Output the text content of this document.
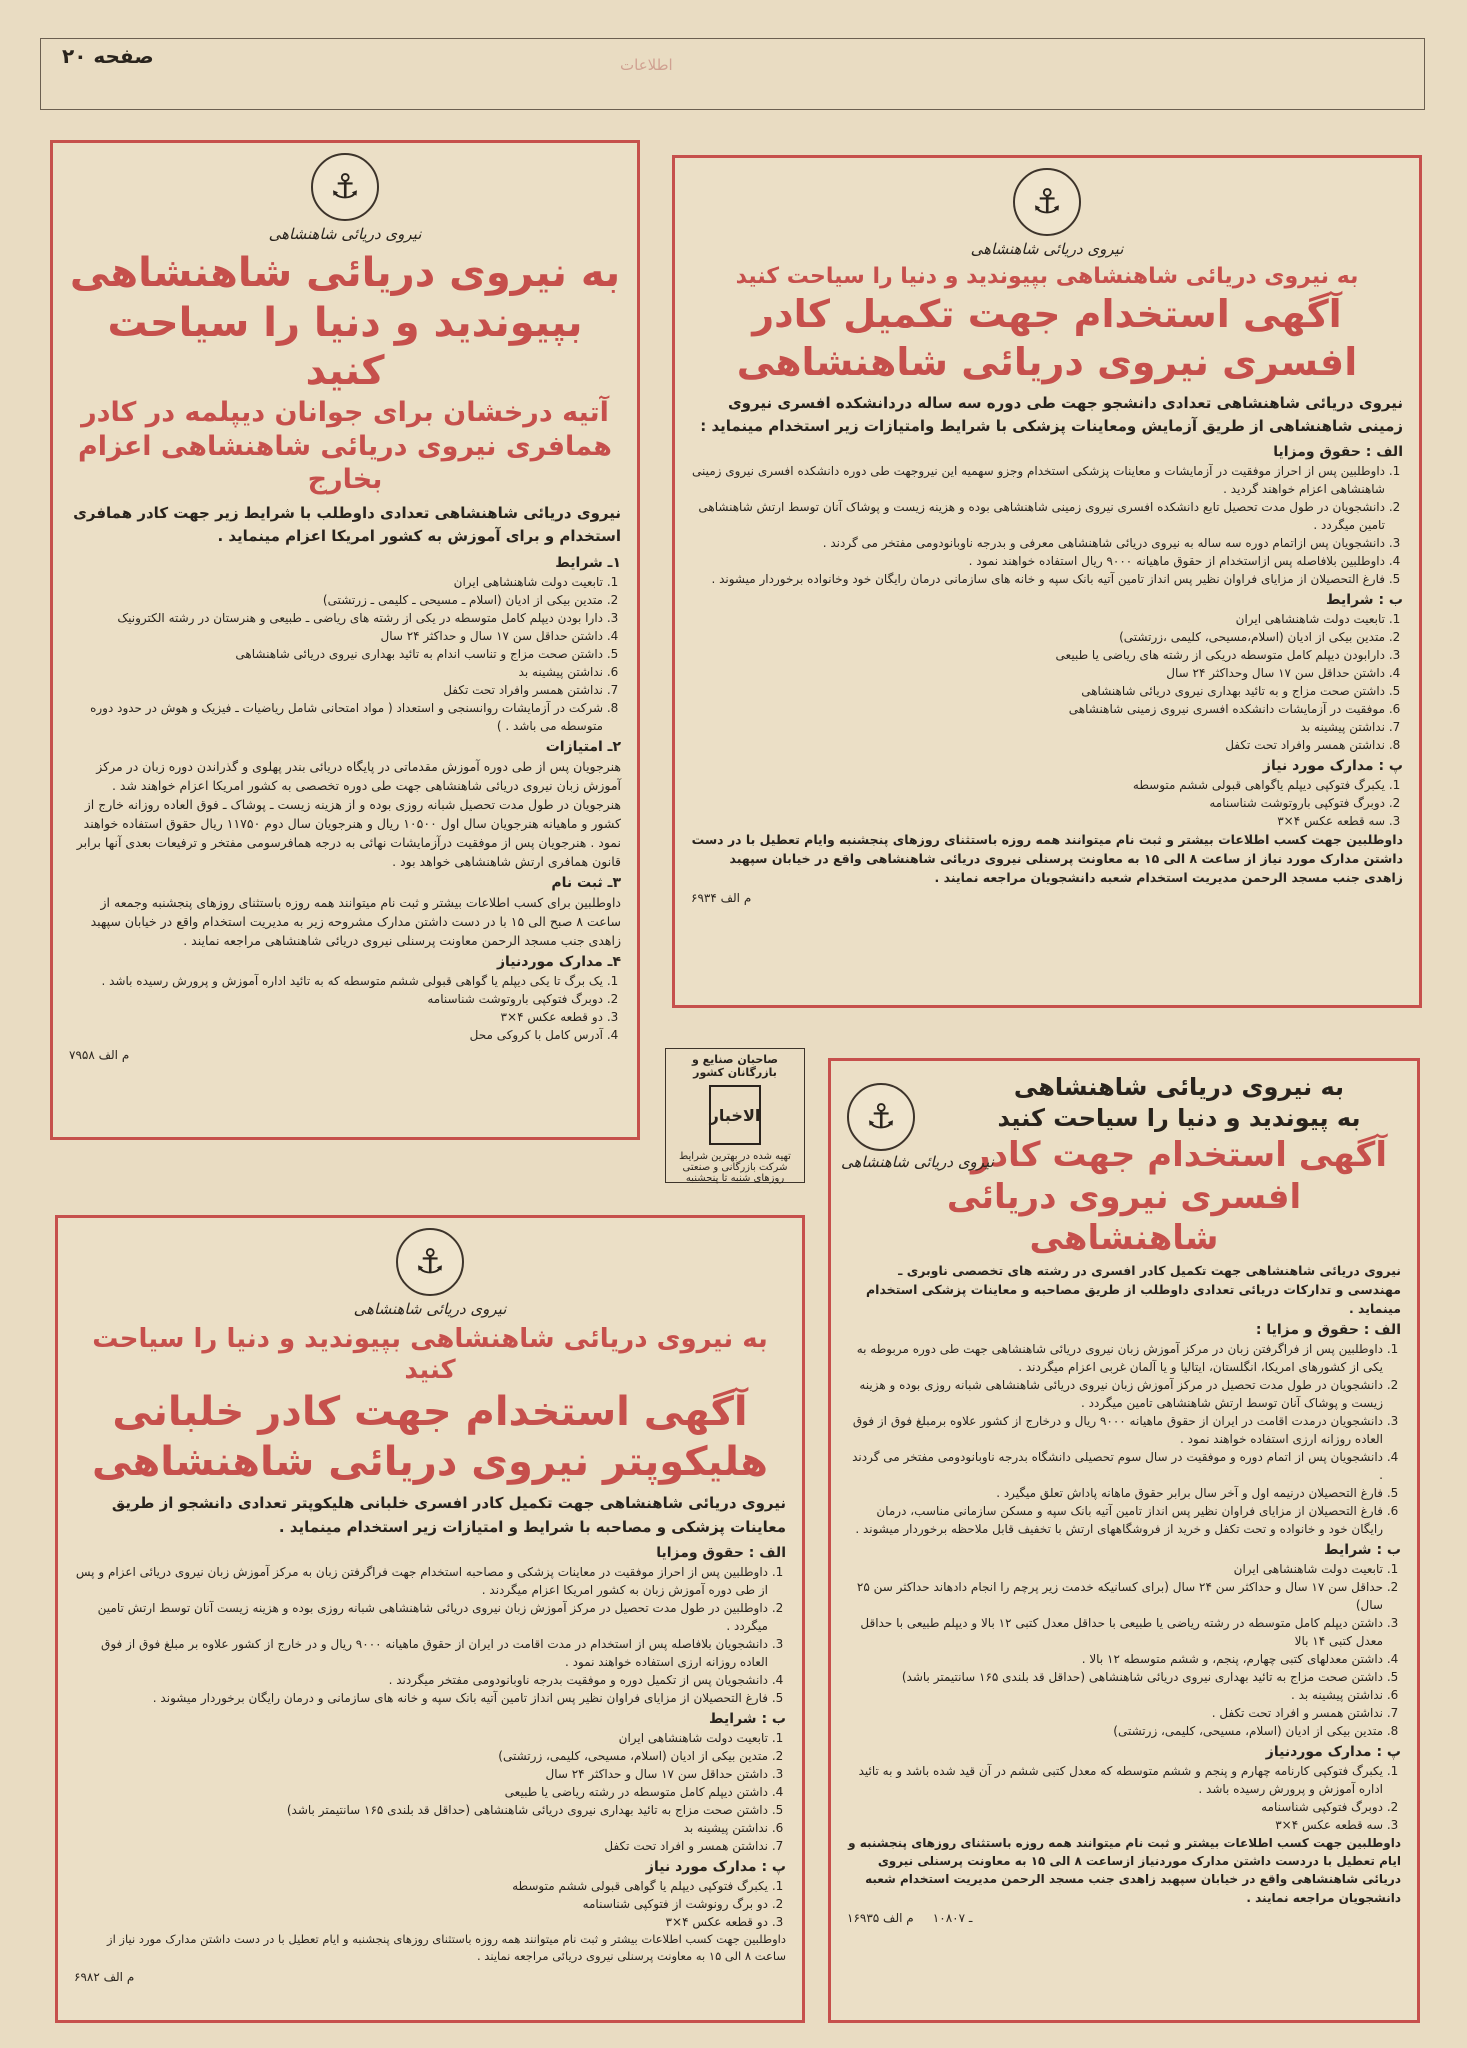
صفحه ۲۰	اطلاعات
⚓
نیروی دریائی شاهنشاهی
به نیروی دریائی شاهنشاهی
بپیوندید و دنیا را سیاحت کنید
آتیه درخشان برای جوانان دیپلمه در کادر
همافری نیروی دریائی شاهنشاهی اعزام بخارج

نیروی دریائی شاهنشاهی تعدادی داوطلب با شرایط زیر جهت کادر همافری استخدام و برای آموزش به کشور امریکا اعزام مینماید .

۱ـ شرایط
1. تابعیت دولت شاهنشاهی ایران
2. متدین بیکی از ادیان (اسلام ـ مسیحی ـ کلیمی ـ زرتشتی)
3. دارا بودن دیپلم کامل متوسطه در یکی از رشته های ریاضی ـ طبیعی و هنرستان در رشته الکترونیک
4. داشتن حداقل سن ۱۷ سال و حداکثر ۲۴ سال
5. داشتن صحت مزاج و تناسب اندام به تائید بهداری نیروی دریائی شاهنشاهی
6. نداشتن پیشینه بد
7. نداشتن همسر وافراد تحت تکفل
8. شرکت در آزمایشات روانسنجی و استعداد ( مواد امتحانی شامل ریاضیات ـ فیزیک و هوش در حدود دوره متوسطه می باشد . )
۲ـ امتیازات

هنرجویان پس از طی دوره آموزش مقدماتی در پایگاه دریائی بندر پهلوی و گذراندن دوره زبان در مرکز آموزش زبان نیروی دریائی شاهنشاهی جهت طی دوره تخصصی به کشور امریکا اعزام خواهند شد . هنرجویان در طول مدت تحصیل شبانه روزی بوده و از هزینه زیست ـ پوشاک ـ فوق العاده روزانه خارج از کشور و ماهیانه هنرجویان سال اول ۱۰۵۰۰ ریال و هنرجویان سال دوم ۱۱۷۵۰ ریال حقوق استفاده خواهند نمود . هنرجویان پس از موفقیت درآزمایشات نهائی به درجه همافرسومی مفتخر و ترفیعات بعدی آنها برابر قانون همافری ارتش شاهنشاهی خواهد بود .

۳ـ ثبت نام

داوطلبین برای کسب اطلاعات بیشتر و ثبت نام میتوانند همه روزه باستثنای روزهای پنجشنبه وجمعه از ساعت ۸ صبح الی ۱۵ با در دست داشتن مدارک مشروحه زیر به مدیریت استخدام واقع در خیابان سپهبد زاهدی جنب مسجد الرحمن معاونت پرسنلی نیروی دریائی شاهنشاهی مراجعه نمایند .

۴ـ مدارک موردنیاز
1. یک برگ تا یکی دیپلم یا گواهی قبولی ششم متوسطه که به تائید اداره آموزش و پرورش رسیده باشد .
2. دوبرگ فتوکپی باروتوشت شناسنامه
3. دو قطعه عکس ۴×۳
4. آدرس کامل با کروکی محل
م الف ۷۹۵۸
⚓
نیروی دریائی شاهنشاهی
به نیروی دریائی شاهنشاهی بپیوندید و دنیا را سیاحت کنید
آگهی استخدام جهت تکمیل کادر
افسری نیروی دریائی شاهنشاهی

نیروی دریائی شاهنشاهی تعدادی دانشجو جهت طی دوره سه ساله دردانشکده افسری نیروی زمینی شاهنشاهی از طریق آزمایش ومعاینات پزشکی با شرایط وامتیازات زیر استخدام مینماید :

الف : حقوق ومزایا
1. داوطلبین پس از احراز موفقیت در آزمایشات و معاینات پزشکی استخدام وجزو سهمیه این نیروجهت طی دوره دانشکده افسری نیروی زمینی شاهنشاهی اعزام خواهند گردید .
2. دانشجویان در طول مدت تحصیل تابع دانشکده افسری نیروی زمینی شاهنشاهی بوده و هزینه زیست و پوشاک آنان توسط ارتش شاهنشاهی تامین میگردد .
3. دانشجویان پس ازاتمام دوره سه ساله به نیروی دریائی شاهنشاهی معرفی و بدرجه ناوبانودومی مفتخر می گردند .
4. داوطلبین بلافاصله پس ازاستخدام از حقوق ماهیانه ۹۰۰۰ ریال استفاده خواهند نمود .
5. فارغ التحصیلان از مزایای فراوان نظیر پس انداز تامین آتیه بانک سپه و خانه های سازمانی درمان رایگان خود وخانواده برخوردار میشوند .
ب : شرایط
1. تابعیت دولت شاهنشاهی ایران
2. متدین بیکی از ادیان (اسلام،مسیحی، کلیمی ،زرتشتی)
3. دارابودن دیپلم کامل متوسطه دریکی از رشته های ریاضی یا طبیعی
4. داشتن حداقل سن ۱۷ سال وحداکثر ۲۴ سال
5. داشتن صحت مزاج و به تائید بهداری نیروی دریائی شاهنشاهی
6. موفقیت در آزمایشات دانشکده افسری نیروی زمینی شاهنشاهی
7. نداشتن پیشینه بد
8. نداشتن همسر وافراد تحت تکفل
پ : مدارک مورد نیاز
1. یکبرگ فتوکپی دیپلم یاگواهی قبولی ششم متوسطه
2. دوبرگ فتوکپی باروتوشت شناسنامه
3. سه قطعه عکس ۴×۳

داوطلبین جهت کسب اطلاعات بیشتر و ثبت نام میتوانند همه روزه باستثنای روزهای پنجشنبه وایام تعطیل با در دست داشتن مدارک مورد نیاز از ساعت ۸ الی ۱۵ به معاونت پرسنلی نیروی دریائی شاهنشاهی واقع در خیابان سپهبد زاهدی جنب مسجد الرحمن مدیریت استخدام شعبه دانشجویان مراجعه نمایند .

م الف ۶۹۳۴
صاحبان صنایع و بازرگانان کشور
الاخبار
تهیه شده در بهترین شرایط
شرکت بازرگانی و صنعتی
روزهای شنبه تا پنجشنبه
⚓
نیروی دریائی شاهنشاهی
به نیروی دریائی شاهنشاهی بپیوندید و دنیا را سیاحت کنید
آگهی استخدام جهت کادر خلبانی
هلیکوپتر نیروی دریائی شاهنشاهی

نیروی دریائی شاهنشاهی جهت تکمیل کادر افسری خلبانی هلیکوپتر تعدادی دانشجو از طریق معاینات پزشکی و مصاحبه با شرایط و امتیازات زیر استخدام مینماید .

الف : حقوق ومزایا
1. داوطلبین پس از احراز موفقیت در معاینات پزشکی و مصاحبه استخدام جهت فراگرفتن زبان به مرکز آموزش زبان نیروی دریائی اعزام و پس از طی دوره آموزش زبان به کشور امریکا اعزام میگردند .
2. داوطلبین در طول مدت تحصیل در مرکز آموزش زبان نیروی دریائی شاهنشاهی شبانه روزی بوده و هزینه زیست آنان توسط ارتش تامین میگردد .
3. دانشجویان بلافاصله پس از استخدام در مدت اقامت در ایران از حقوق ماهیانه ۹۰۰۰ ریال و در خارج از کشور علاوه بر مبلغ فوق از فوق العاده روزانه ارزی استفاده خواهند نمود .
4. دانشجویان پس از تکمیل دوره و موفقیت بدرجه ناوبانودومی مفتخر میگردند .
5. فارغ التحصیلان از مزایای فراوان نظیر پس انداز تامین آتیه بانک سپه و خانه های سازمانی و درمان رایگان برخوردار میشوند .
ب : شرایط
1. تابعیت دولت شاهنشاهی ایران
2. متدین بیکی از ادیان (اسلام، مسیحی، کلیمی، زرتشتی)
3. داشتن حداقل سن ۱۷ سال و حداکثر ۲۴ سال
4. داشتن دیپلم کامل متوسطه در رشته ریاضی یا طبیعی
5. داشتن صحت مزاج به تائید بهداری نیروی دریائی شاهنشاهی (حداقل قد بلندی ۱۶۵ سانتیمتر باشد)
6. نداشتن پیشینه بد
7. نداشتن همسر و افراد تحت تکفل
پ : مدارک مورد نیاز
1. یکبرگ فتوکپی دیپلم یا گواهی قبولی ششم متوسطه
2. دو برگ رونوشت از فتوکپی شناسنامه
3. دو قطعه عکس ۴×۳

داوطلبین جهت کسب اطلاعات بیشتر و ثبت نام میتوانند همه روزه باستثنای روزهای پنجشنبه و ایام تعطیل با در دست داشتن مدارک مورد نیاز از ساعت ۸ الی ۱۵ به معاونت پرسنلی نیروی دریائی مراجعه نمایند .

م الف ۶۹۸۲
⚓
نیروی دریائی شاهنشاهی
به نیروی دریائی شاهنشاهی
به پیوندید و دنیا را سیاحت کنید
آگهی استخدام جهت کادر
افسری نیروی دریائی شاهنشاهی

نیروی دریائی شاهنشاهی جهت تکمیل کادر افسری در رشته های تخصصی ناوبری ـ مهندسی و تدارکات دریائی تعدادی داوطلب از طریق مصاحبه و معاینات پزشکی استخدام مینماید .

الف : حقوق و مزایا :
1. داوطلبین پس از فراگرفتن زبان در مرکز آموزش زبان نیروی دریائی شاهنشاهی جهت طی دوره مربوطه به یکی از کشورهای امریکا، انگلستان، ایتالیا و یا آلمان غربی اعزام میگردند .
2. دانشجویان در طول مدت تحصیل در مرکز آموزش زبان نیروی دریائی شاهنشاهی شبانه روزی بوده و هزینه زیست و پوشاک آنان توسط ارتش شاهنشاهی تامین میگردد .
3. دانشجویان درمدت اقامت در ایران از حقوق ماهیانه ۹۰۰۰ ریال و درخارج از کشور علاوه برمبلغ فوق از فوق العاده روزانه ارزی استفاده خواهند نمود .
4. دانشجویان پس از اتمام دوره و موفقیت در سال سوم تحصیلی دانشگاه بدرجه ناوبانودومی مفتخر می گردند .
5. فارغ التحصیلان درنیمه اول و آخر سال برابر حقوق ماهانه پاداش تعلق میگیرد .
6. فارغ التحصیلان از مزایای فراوان نظیر پس انداز تامین آتیه بانک سپه و مسکن سازمانی مناسب، درمان رایگان خود و خانواده و تحت تکفل و خرید از فروشگاههای ارتش با تخفیف قابل ملاحظه برخوردار میشوند .
ب : شرایط
1. تابعیت دولت شاهنشاهی ایران
2. حداقل سن ۱۷ سال و حداکثر سن ۲۴ سال (برای کسانیکه خدمت زیر پرچم را انجام دادهاند حداکثر سن ۲۵ سال)
3. داشتن دیپلم کامل متوسطه در رشته ریاضی یا طبیعی با حداقل معدل کتبی ۱۲ بالا و دیپلم طبیعی با حداقل معدل کتبی ۱۴ بالا
4. داشتن معدلهای کتبی چهارم، پنجم، و ششم متوسطه ۱۲ بالا .
5. داشتن صحت مزاج به تائید بهداری نیروی دریائی شاهنشاهی (حداقل قد بلندی ۱۶۵ سانتیمتر باشد)
6. نداشتن پیشینه بد .
7. نداشتن همسر و افراد تحت تکفل .
8. متدین بیکی از ادیان (اسلام، مسیحی، کلیمی، زرتشتی)
پ : مدارک موردنیاز
1. یکبرگ فتوکپی کارنامه چهارم و پنجم و ششم متوسطه که معدل کتبی ششم در آن قید شده باشد و به تائید اداره آموزش و پرورش رسیده باشد .
2. دوبرگ فتوکپی شناسنامه
3. سه قطعه عکس ۴×۳

داوطلبین جهت کسب اطلاعات بیشتر و ثبت نام میتوانند همه روزه باستثنای روزهای پنجشنبه و ایام تعطیل با دردست داشتن مدارک موردنیاز ازساعت ۸ الی ۱۵ به معاونت پرسنلی نیروی دریائی شاهنشاهی واقع در خیابان سپهبد زاهدی جنب مسجد الرحمن مدیریت استخدام شعبه دانشجویان مراجعه نمایند .

۱ـ ۱۰۸۰۷     م الف ۶۹۳۵
